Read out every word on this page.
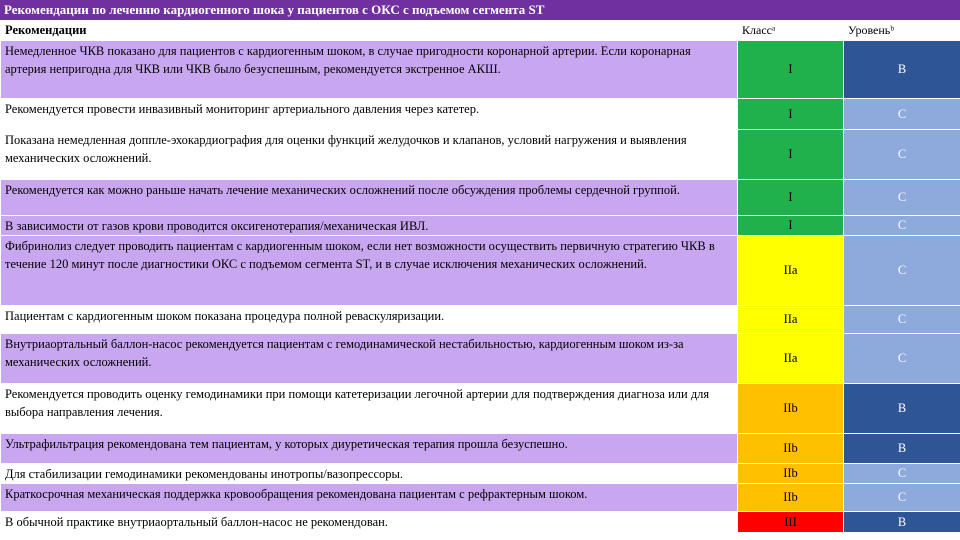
Рекомендации по лечению кардиогенного шока у пациентов с ОКС с подъемом сегмента ST
Рекомендации	Классᵃ	Уровеньᵇ
Немедленное ЧКВ показано для пациентов с кардиогенным шоком, в случае пригодности коронарной артерии. Если коронарная артерия непригодна для ЧКВ или ЧКВ было безуспешным, рекомендуется экстренное АКШ.	I	B
Рекомендуется провести инвазивный мониторинг артериального давления через катетер.	I	C
Показана немедленная доппле-эхокардиография для оценки функций желудочков и клапанов, условий нагружения и выявления механических осложнений.	I	C
Рекомендуется как можно раньше начать лечение механических осложнений после обсуждения проблемы сердечной группой.	I	C
В зависимости от газов крови проводится оксигенотерапия/механическая ИВЛ.	I	C
Фибринолиз следует проводить пациентам с кардиогенным шоком, если нет возможности осуществить первичную стратегию ЧКВ в течение 120 минут после диагностики ОКС с подъемом сегмента ST, и в случае исключения механических осложнений.	IIa	C
Пациентам с кардиогенным шоком показана процедура полной реваскуляризации.	IIa	C
Внутриаортальный баллон-насос рекомендуется пациентам с гемодинамической нестабильностью, кардиогенным шоком из-за механических осложнений.	IIa	C
Рекомендуется проводить оценку гемодинамики при помощи катетеризации легочной артерии для подтверждения диагноза или для выбора направления лечения.	IIb	B
Ультрафильтрация рекомендована тем пациентам, у которых диуретическая терапия прошла безуспешно.	IIb	B
Для стабилизации гемодинамики рекомендованы инотропы/вазопрессоры.	IIb	C
Краткосрочная механическая поддержка кровообращения рекомендована пациентам с рефрактерным шоком.	IIb	C
В обычной практике внутриаортальный баллон-насос не рекомендован.	III	B
